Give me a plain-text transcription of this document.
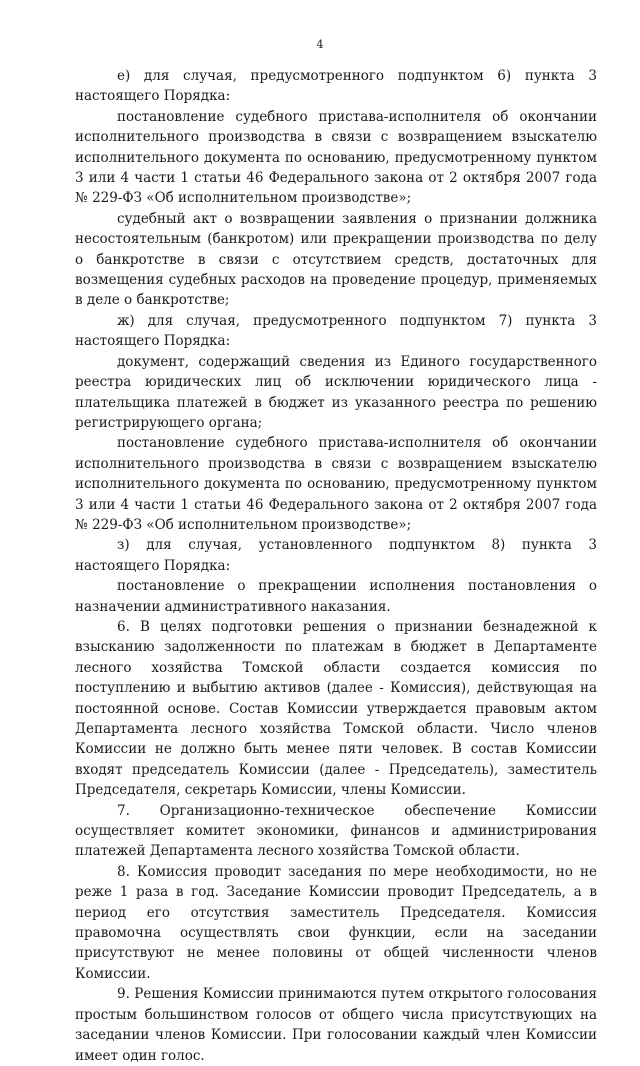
4

е) для случая, предусмотренного подпунктом 6) пункта 3 настоящего Порядка:

постановление судебного пристава-исполнителя об окончании исполнительного производства в связи с возвращением взыскателю исполнительного документа по основанию, предусмотренному пунктом 3 или 4 части 1 статьи 46 Федерального закона от 2 октября 2007 года № 229-ФЗ «Об исполнительном производстве»;

судебный акт о возвращении заявления о признании должника несостоятельным (банкротом) или прекращении производства по делу о банкротстве в связи с отсутствием средств, достаточных для возмещения судебных расходов на проведение процедур, применяемых в деле о банкротстве;

ж) для случая, предусмотренного подпунктом 7) пункта 3 настоящего Порядка:

документ, содержащий сведения из Единого государственного реестра юридических лиц об исключении юридического лица - плательщика платежей в бюджет из указанного реестра по решению регистрирующего органа;

постановление судебного пристава-исполнителя об окончании исполнительного производства в связи с возвращением взыскателю исполнительного документа по основанию, предусмотренному пунктом 3 или 4 части 1 статьи 46 Федерального закона от 2 октября 2007 года № 229-ФЗ «Об исполнительном производстве»;

з) для случая, установленного подпунктом 8) пункта 3 настоящего Порядка:

постановление о прекращении исполнения постановления о назначении административного наказания.

6. В целях подготовки решения о признании безнадежной к взысканию задолженности по платежам в бюджет в Департаменте лесного хозяйства Томской области создается комиссия по поступлению и выбытию активов (далее - Комиссия), действующая на постоянной основе. Состав Комиссии утверждается правовым актом Департамента лесного хозяйства Томской области. Число членов Комиссии не должно быть менее пяти человек. В состав Комиссии входят председатель Комиссии (далее - Председатель), заместитель Председателя, секретарь Комиссии, члены Комиссии.

7. Организационно-техническое обеспечение Комиссии осуществляет комитет экономики, финансов и администрирования платежей Департамента лесного хозяйства Томской области.

8. Комиссия проводит заседания по мере необходимости, но не реже 1 раза в год. Заседание Комиссии проводит Председатель, а в период его отсутствия заместитель Председателя. Комиссия правомочна осуществлять свои функции, если на заседании присутствуют не менее половины от общей численности членов Комиссии.

9. Решения Комиссии принимаются путем открытого голосования простым большинством голосов от общего числа присутствующих на заседании членов Комиссии. При голосовании каждый член Комиссии имеет один голос.
